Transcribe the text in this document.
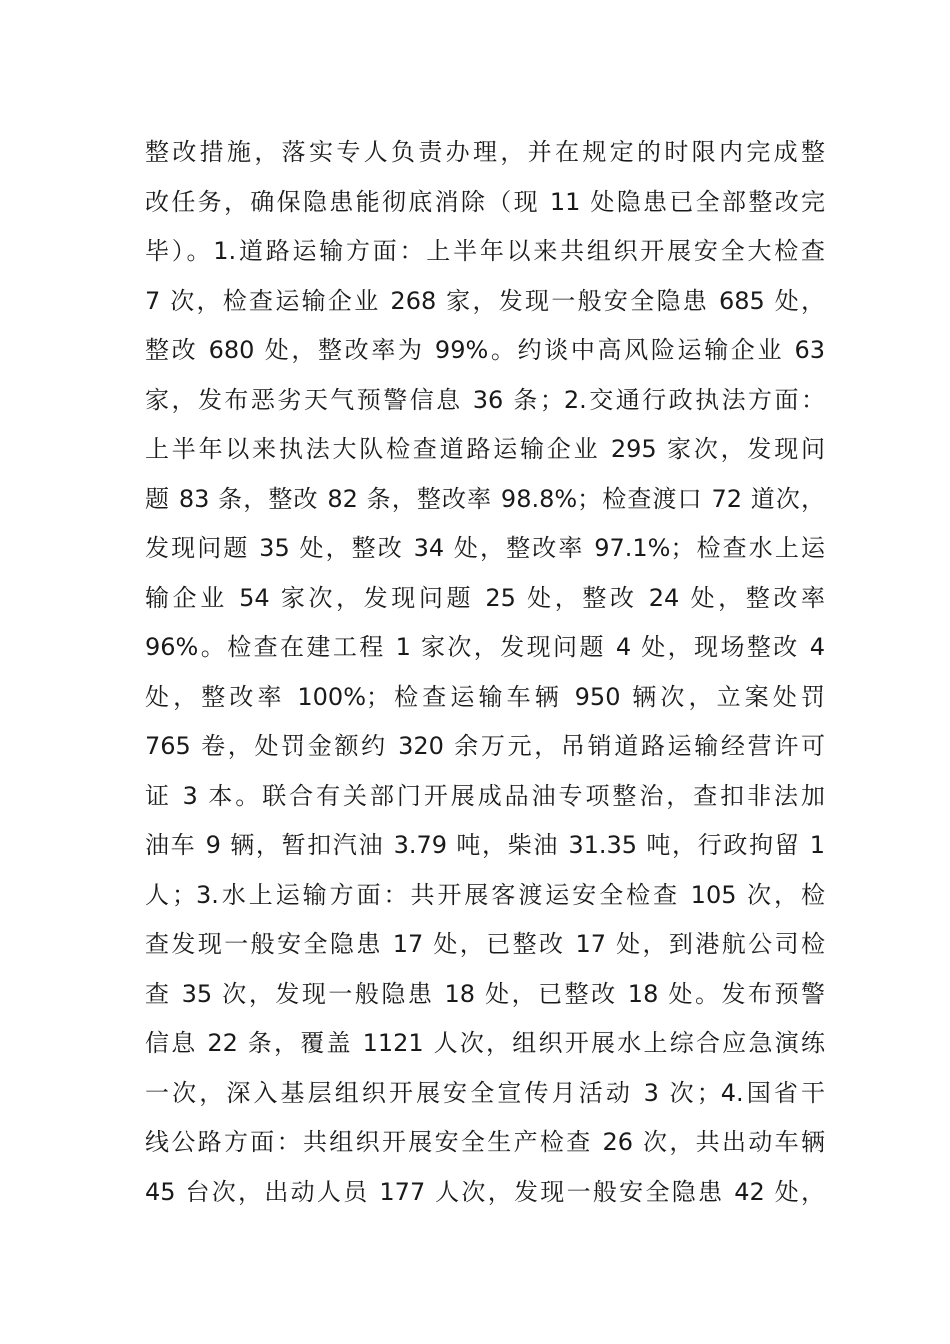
整改措施，落实专人负责办理，并在规定的时限内完成整
改任务，确保隐患能彻底消除（现 11 处隐患已全部整改完
毕）。1.道路运输方面：上半年以来共组织开展安全大检查
7 次，检查运输企业 268 家，发现一般安全隐患 685 处，
整改 680 处，整改率为 99%。约谈中高风险运输企业 63
家，发布恶劣天气预警信息 36 条；2.交通行政执法方面：
上半年以来执法大队检查道路运输企业 295 家次，发现问
题 83 条，整改 82 条，整改率 98.8%；检查渡口 72 道次，
发现问题 35 处，整改 34 处，整改率 97.1%；检查水上运
输企业 54 家次，发现问题 25 处，整改 24 处，整改率
96%。检查在建工程 1 家次，发现问题 4 处，现场整改 4
处，整改率 100%；检查运输车辆 950 辆次，立案处罚
765 卷，处罚金额约 320 余万元，吊销道路运输经营许可
证 3 本。联合有关部门开展成品油专项整治，查扣非法加
油车 9 辆，暂扣汽油 3.79 吨，柴油 31.35 吨，行政拘留 1
人；3.水上运输方面：共开展客渡运安全检查 105 次，检
查发现一般安全隐患 17 处，已整改 17 处，到港航公司检
查 35 次，发现一般隐患 18 处，已整改 18 处。发布预警
信息 22 条，覆盖 1121 人次，组织开展水上综合应急演练
一次，深入基层组织开展安全宣传月活动 3 次；4.国省干
线公路方面：共组织开展安全生产检查 26 次，共出动车辆
45 台次，出动人员 177 人次，发现一般安全隐患 42 处，
